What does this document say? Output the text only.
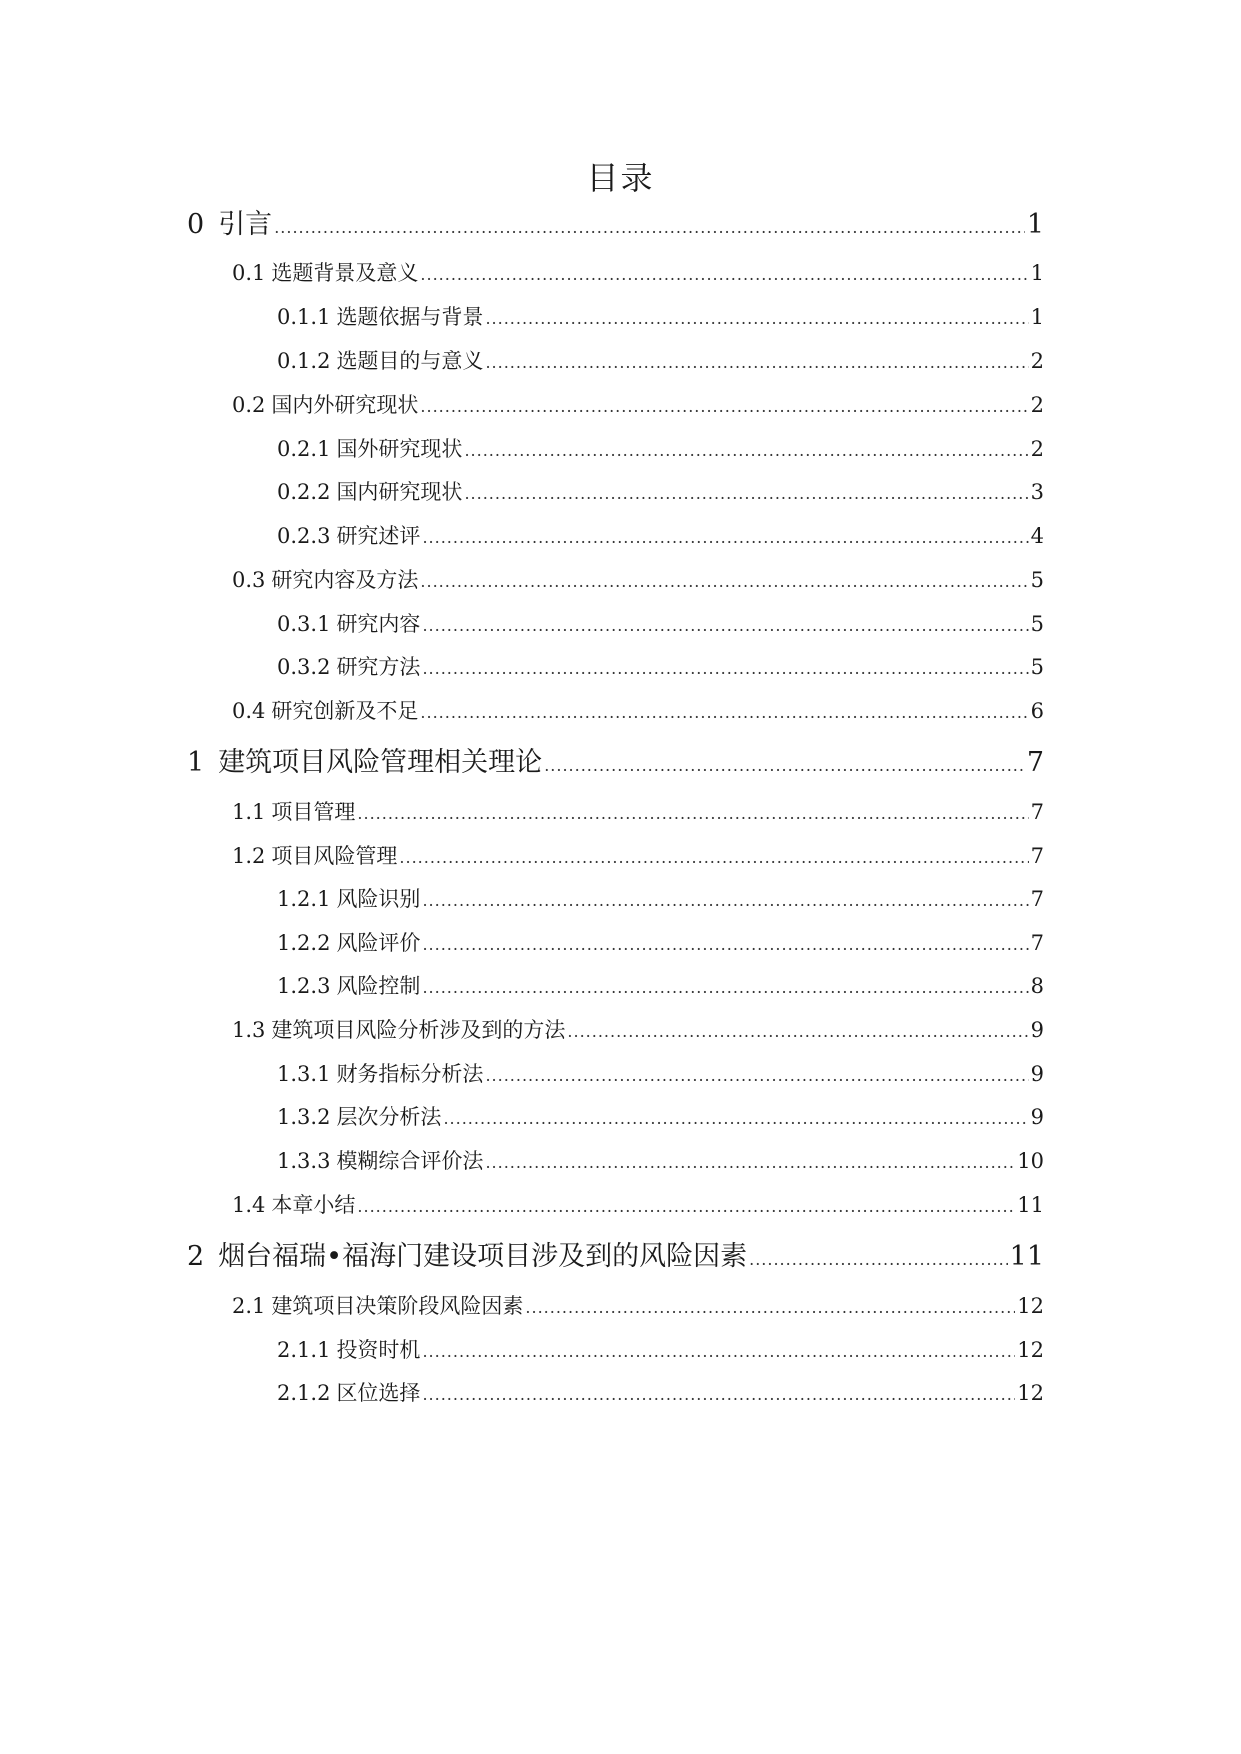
目录
0 引言 .....	1
0.1 选题背景及意义 .....	1
0.1.1 选题依据与背景 .....	1
0.1.2 选题目的与意义 .....	2
0.2 国内外研究现状 .....	2
0.2.1 国外研究现状 .....	2
0.2.2 国内研究现状 .....	3
0.2.3 研究述评 .....	4
0.3 研究内容及方法 .....	5
0.3.1 研究内容 .....	5
0.3.2 研究方法 .....	5
0.4 研究创新及不足 .....	6
1 建筑项目风险管理相关理论 .....	7
1.1 项目管理 .....	7
1.2 项目风险管理 .....	7
1.2.1 风险识别 .....	7
1.2.2 风险评价 .....	7
1.2.3 风险控制 .....	8
1.3 建筑项目风险分析涉及到的方法 .....	9
1.3.1 财务指标分析法 .....	9
1.3.2 层次分析法 .....	9
1.3.3 模糊综合评价法 .....	10
1.4 本章小结 .....	11
2 烟台福瑞•福海门建设项目涉及到的风险因素 .....	11
2.1 建筑项目决策阶段风险因素 .....	12
2.1.1 投资时机 .....	12
2.1.2 区位选择 .....	12
